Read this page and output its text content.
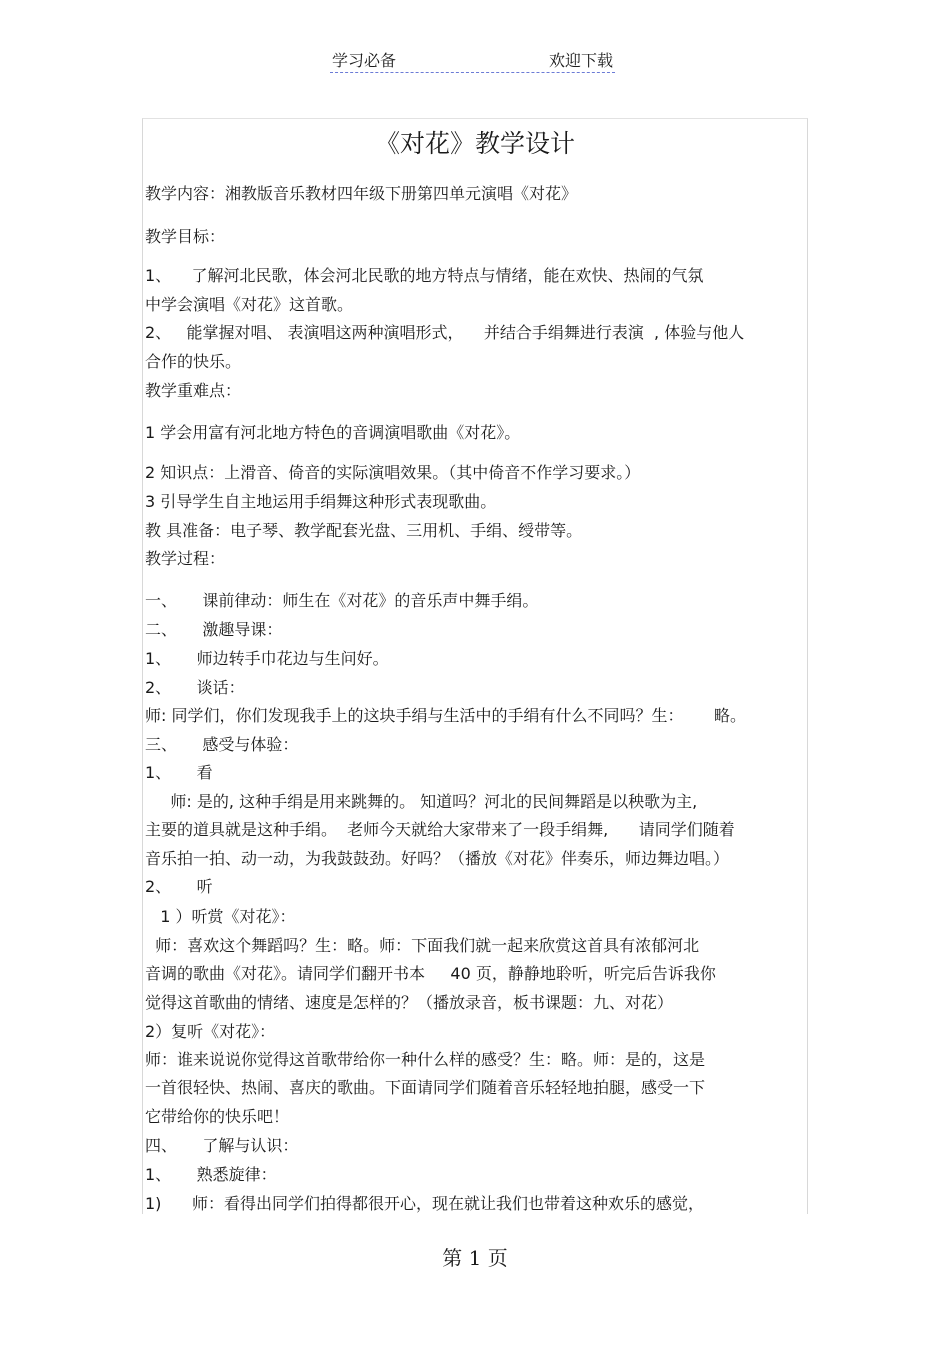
学习必备	欢迎下载
《对花》教学设计
教学内容：湘教版音乐教材四年级下册第四单元演唱《对花》
教学目标：
1、    了解河北民歌，体会河北民歌的地方特点与情绪，能在欢快、热闹的气氛
中学会演唱《对花》这首歌。
2、   能掌握对唱、 表演唱这两种演唱形式，    并结合手绢舞进行表演  , 体验与他人
合作的快乐。
教学重难点：
1 学会用富有河北地方特色的音调演唱歌曲《对花》。
2 知识点：上滑音、倚音的实际演唱效果。（其中倚音不作学习要求。）
3 引导学生自主地运用手绢舞这种形式表现歌曲。
教 具准备：电子琴、教学配套光盘、三用机、手绢、绶带等。
教学过程：
一、     课前律动：师生在《对花》的音乐声中舞手绢。
二、     激趣导课：
1、     师边转手巾花边与生问好。
2、     谈话：
师: 同学们，你们发现我手上的这块手绢与生活中的手绢有什么不同吗？生：      略。
三、     感受与体验：
1、     看
师: 是的, 这种手绢是用来跳舞的。 知道吗？河北的民间舞蹈是以秧歌为主,
主要的道具就是这种手绢。  老师今天就给大家带来了一段手绢舞,      请同学们随着
音乐拍一拍、动一动，为我鼓鼓劲。好吗？（播放《对花》伴奏乐，师边舞边唱。）
2、     听
1 ）听赏《对花》：
师：喜欢这个舞蹈吗？生：略。师：下面我们就一起来欣赏这首具有浓郁河北
音调的歌曲《对花》。请同学们翻开书本     40 页，静静地聆听，听完后告诉我你
觉得这首歌曲的情绪、速度是怎样的？（播放录音，板书课题：九、对花）
2）复听《对花》：
师：谁来说说你觉得这首歌带给你一种什么样的感受？生：略。师：是的，这是
一首很轻快、热闹、喜庆的歌曲。下面请同学们随着音乐轻轻地拍腿，感受一下
它带给你的快乐吧！
四、     了解与认识：
1、     熟悉旋律：
1)      师：看得出同学们拍得都很开心，现在就让我们也带着这种欢乐的感觉，
第 1 页
